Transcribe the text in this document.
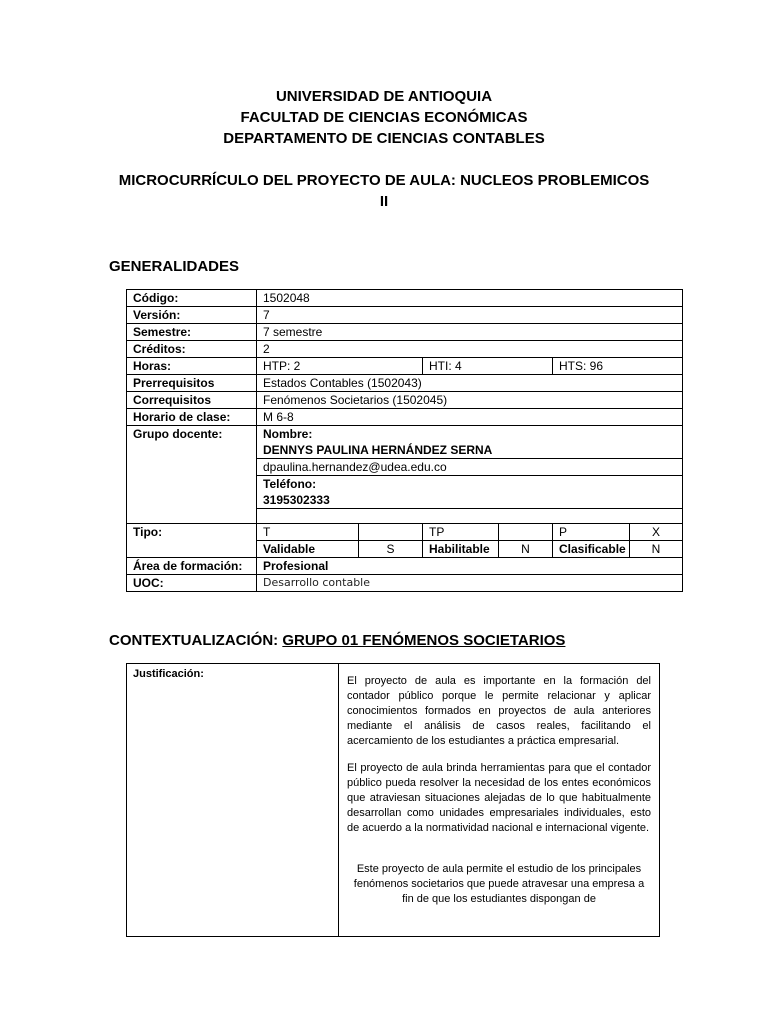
UNIVERSIDAD DE ANTIOQUIA
FACULTAD DE CIENCIAS ECONÓMICAS
DEPARTAMENTO DE CIENCIAS CONTABLES
MICROCURRÍCULO DEL PROYECTO DE AULA: NUCLEOS PROBLEMICOS
II
GENERALIDADES
Código:	1502048					
Versión:	7					
Semestre:	7 semestre					
Créditos:	2					
Horas:	HTP: 2		HTI: 4		HTS: 96	
Prerrequisitos	Estados Contables (1502043)					
Correquisitos	Fenómenos Societarios (1502045)					
Horario de clase:	M 6-8					
Grupo docente:	Nombre:
DENNYS PAULINA HERNÁNDEZ SERNA					

	dpaulina.hernandez@udea.edu.co					

	Teléfono:
3195302333					

Tipo:	T		TP		P	X
	Validable	S	Habilitable	N	Clasificable	N
Área de formación:	Profesional					
UOC:	Desarrollo contable					
CONTEXTUALIZACIÓN: GRUPO 01 FENÓMENOS SOCIETARIOS
Justificación:	

El proyecto de aula es importante en la formación del contador público porque le permite relacionar y aplicar conocimientos formados en proyectos de aula anteriores mediante el análisis de casos reales, facilitando el acercamiento de los estudiantes a práctica empresarial.

El proyecto de aula brinda herramientas para que el contador público pueda resolver la necesidad de los entes económicos que atraviesan situaciones alejadas de lo que habitualmente desarrollan como unidades empresariales individuales, esto de acuerdo a la normatividad nacional e internacional vigente.

Este proyecto de aula permite el estudio de los principales fenómenos societarios que puede atravesar una empresa a fin de que los estudiantes dispongan de
